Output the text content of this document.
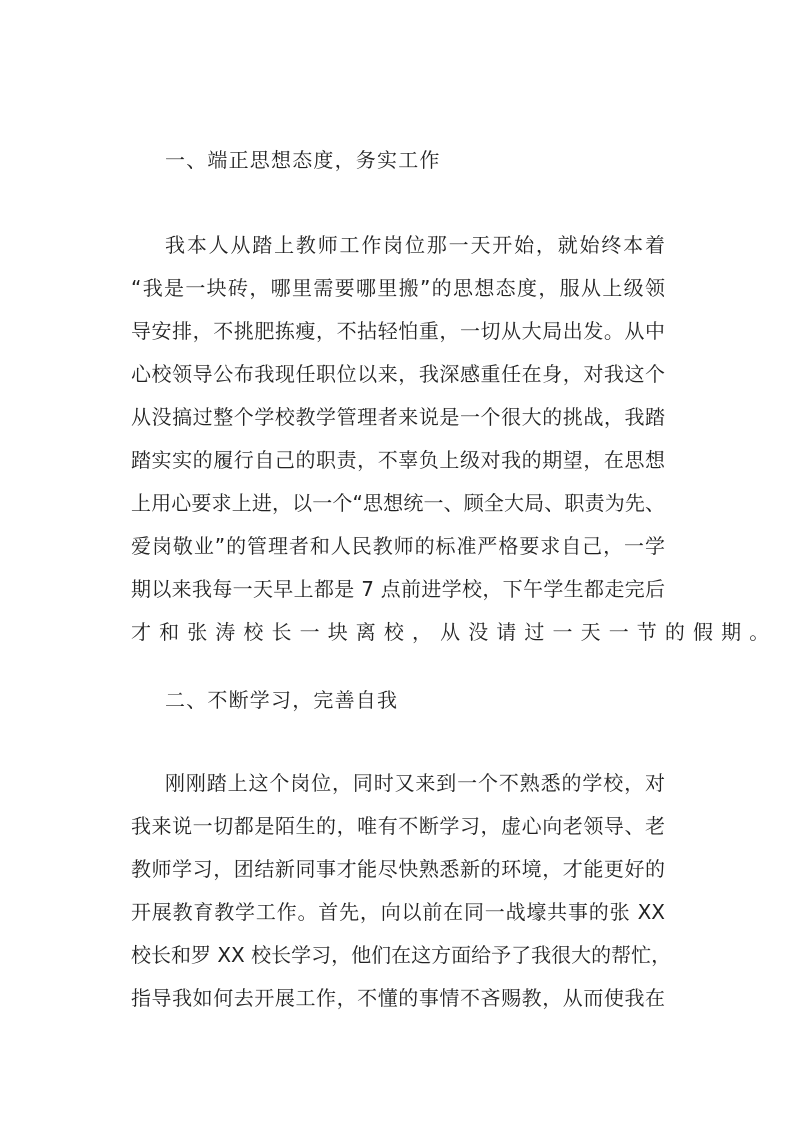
一、端正思想态度，务实工作
我本人从踏上教师工作岗位那一天开始，就始终本着
“我是一块砖，哪里需要哪里搬”的思想态度，服从上级领
导安排，不挑肥拣瘦，不拈轻怕重，一切从大局出发。从中
心校领导公布我现任职位以来，我深感重任在身，对我这个
从没搞过整个学校教学管理者来说是一个很大的挑战，我踏
踏实实的履行自己的职责，不辜负上级对我的期望，在思想
上用心要求上进，以一个“思想统一、顾全大局、职责为先、
爱岗敬业”的管理者和人民教师的标准严格要求自己，一学
期以来我每一天早上都是 7 点前进学校，下午学生都走完后
才和张涛校长一块离校，从没请过一天一节的假期。
二、不断学习，完善自我
刚刚踏上这个岗位，同时又来到一个不熟悉的学校，对
我来说一切都是陌生的，唯有不断学习，虚心向老领导、老
教师学习，团结新同事才能尽快熟悉新的环境，才能更好的
开展教育教学工作。首先，向以前在同一战壕共事的张 XX
校长和罗 XX 校长学习，他们在这方面给予了我很大的帮忙，
指导我如何去开展工作，不懂的事情不吝赐教，从而使我在
